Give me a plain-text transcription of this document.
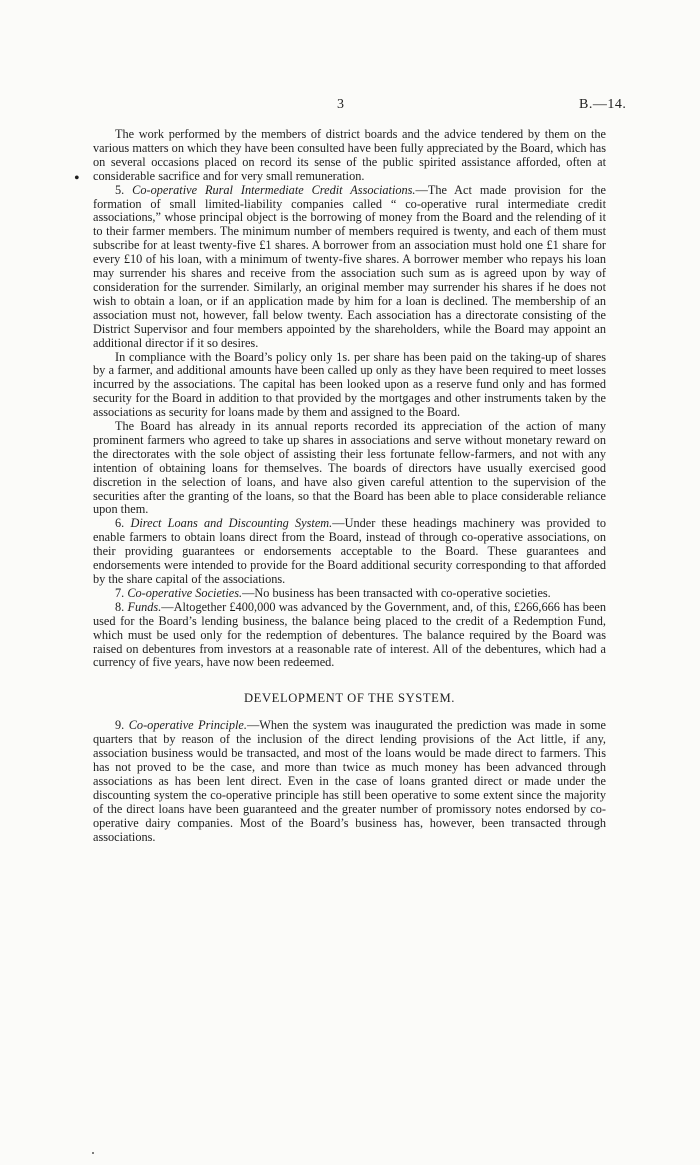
3	B.—14.
•

The work performed by the members of district boards and the advice tendered by them on the various matters on which they have been consulted have been fully appreciated by the Board, which has on several occasions placed on record its sense of the public spirited assistance afforded, often at considerable sacrifice and for very small remuneration.

5. Co-operative Rural Intermediate Credit Associations.—The Act made provision for the formation of small limited-liability companies called “ co-operative rural intermediate credit associations,” whose principal object is the borrowing of money from the Board and the relending of it to their farmer members. The minimum number of members required is twenty, and each of them must subscribe for at least twenty-five £1 shares. A borrower from an association must hold one £1 share for every £10 of his loan, with a minimum of twenty-five shares. A borrower member who repays his loan may surrender his shares and receive from the association such sum as is agreed upon by way of consideration for the surrender. Similarly, an original member may surrender his shares if he does not wish to obtain a loan, or if an application made by him for a loan is declined. The membership of an association must not, however, fall below twenty. Each association has a directorate consisting of the District Supervisor and four members appointed by the shareholders, while the Board may appoint an additional director if it so desires.

In compliance with the Board’s policy only 1s. per share has been paid on the taking-up of shares by a farmer, and additional amounts have been called up only as they have been required to meet losses incurred by the associations. The capital has been looked upon as a reserve fund only and has formed security for the Board in addition to that provided by the mortgages and other instruments taken by the associations as security for loans made by them and assigned to the Board.

The Board has already in its annual reports recorded its appreciation of the action of many prominent farmers who agreed to take up shares in associations and serve without monetary reward on the directorates with the sole object of assisting their less fortunate fellow-farmers, and not with any intention of obtaining loans for themselves. The boards of directors have usually exercised good discretion in the selection of loans, and have also given careful attention to the supervision of the securities after the granting of the loans, so that the Board has been able to place considerable reliance upon them.

6. Direct Loans and Discounting System.—Under these headings machinery was provided to enable farmers to obtain loans direct from the Board, instead of through co-operative associations, on their providing guarantees or endorsements acceptable to the Board. These guarantees and endorsements were intended to provide for the Board additional security corresponding to that afforded by the share capital of the associations.

7. Co-operative Societies.—No business has been transacted with co-operative societies.

8. Funds.—Altogether £400,000 was advanced by the Government, and, of this, £266,666 has been used for the Board’s lending business, the balance being placed to the credit of a Redemption Fund, which must be used only for the redemption of debentures. The balance required by the Board was raised on debentures from investors at a reasonable rate of interest. All of the debentures, which had a currency of five years, have now been redeemed.

DEVELOPMENT OF THE SYSTEM.

9. Co-operative Principle.—When the system was inaugurated the prediction was made in some quarters that by reason of the inclusion of the direct lending provisions of the Act little, if any, association business would be transacted, and most of the loans would be made direct to farmers. This has not proved to be the case, and more than twice as much money has been advanced through associations as has been lent direct. Even in the case of loans granted direct or made under the discounting system the co-operative principle has still been operative to some extent since the majority of the direct loans have been guaranteed and the greater number of promissory notes endorsed by co-operative dairy companies. Most of the Board’s business has, however, been transacted through associations.
